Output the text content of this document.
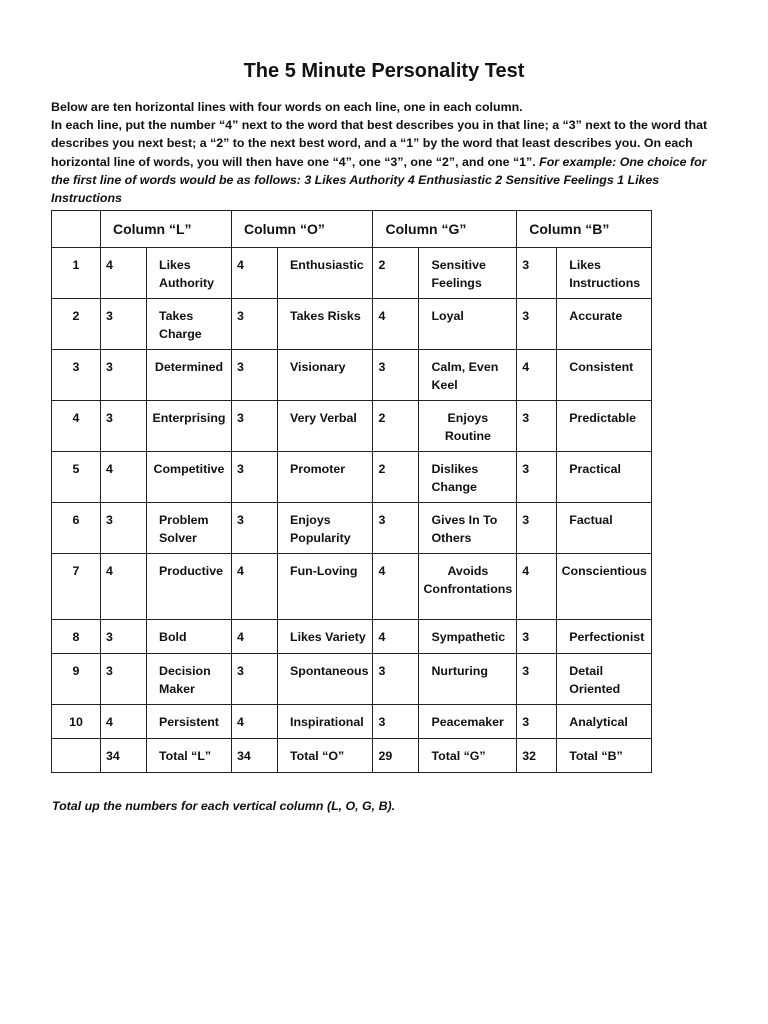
The 5 Minute Personality Test

Below are ten horizontal lines with four words on each line, one in each column.

In each line, put the number “4” next to the word that best describes you in that line; a “3” next to the word that describes you next best; a “2” to the next best word, and a “1” by the word that least describes you. On each horizontal line of words, you will then have one “4”, one “3”, one “2”, and one “1”. For example: One choice for the first line of words would be as follows: 3 Likes Authority 4 Enthusiastic 2 Sensitive Feelings 1 Likes Instructions

	Column “L”		Column “O”		Column “G”		Column “B”	
1	4	Likes Authority	4	Enthusiastic	2	Sensitive Feelings	3	Likes Instructions
2	3	Takes Charge	3	Takes Risks	4	Loyal	3	Accurate
3	3	Determined	3	Visionary	3	Calm, Even Keel	4	Consistent
4	3	Enterprising	3	Very Verbal	2	Enjoys Routine	3	Predictable
5	4	Competitive	3	Promoter	2	Dislikes Change	3	Practical
6	3	Problem Solver	3	Enjoys Popularity	3	Gives In To Others	3	Factual
7	4	Productive	4	Fun-Loving	4	Avoids Confrontations	4	Conscientious
8	3	Bold	4	Likes Variety	4	Sympathetic	3	Perfectionist
9	3	Decision Maker	3	Spontaneous	3	Nurturing	3	Detail Oriented
10	4	Persistent	4	Inspirational	3	Peacemaker	3	Analytical
	34	Total “L”	34	Total “O”	29	Total “G”	32	Total “B”
Total up the numbers for each vertical column (L, O, G, B).
